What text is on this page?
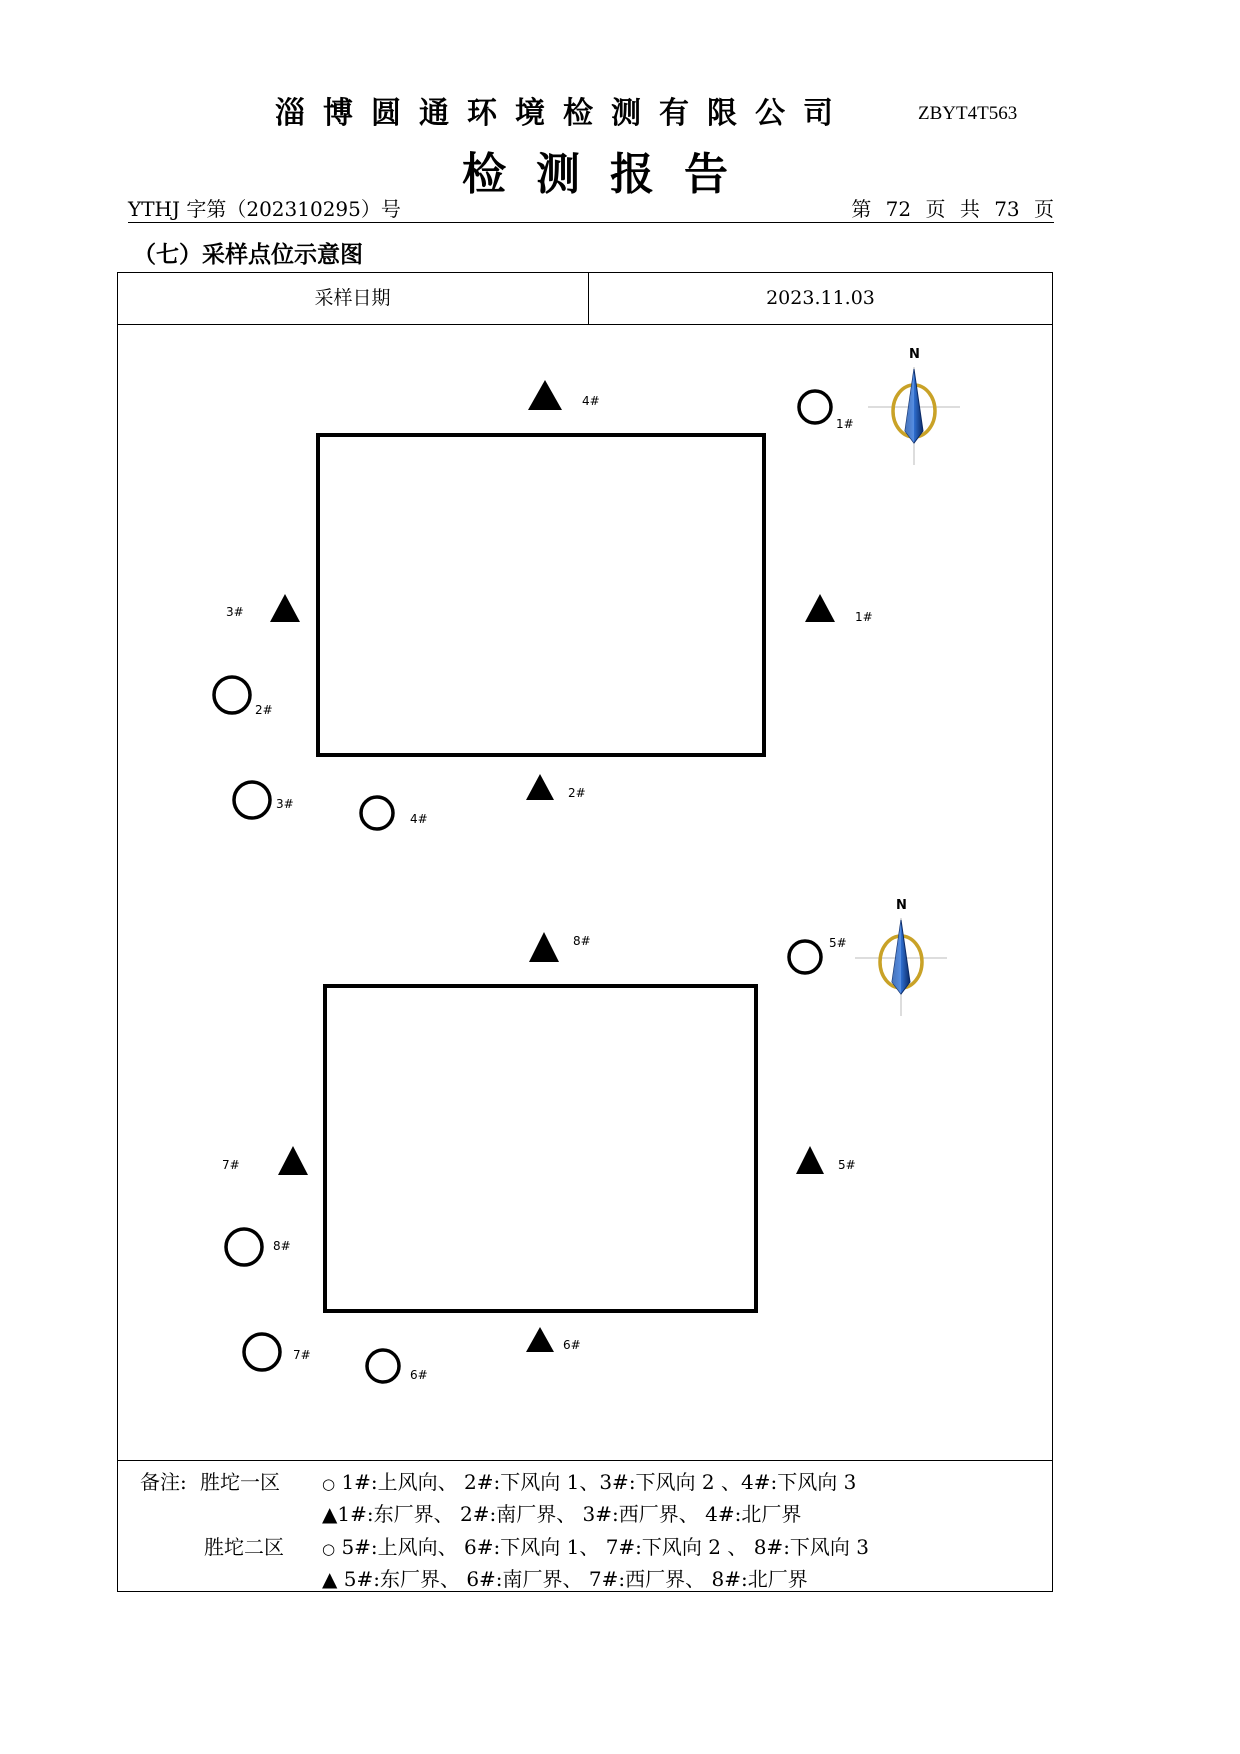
淄博圆通环境检测有限公司	ZBYT4T563
检测报告
YTHJ 字第（202310295）号	第 72 页 共 73 页
（七）采样点位示意图
采样日期	2023.11.03
N
4#
1#
3#
2#
1#
2#
3#
4#
N
8#
5#
7#
6#
5#
8#
7#
6#
备注: 胜坨一区	○ 1#:上风向、 2#:下风向 1、3#:下风向 2 、4#:下风向 3
▲1#:东厂界、 2#:南厂界、 3#:西厂界、 4#:北厂界
胜坨二区	○ 5#:上风向、 6#:下风向 1、 7#:下风向 2 、 8#:下风向 3
▲ 5#:东厂界、 6#:南厂界、 7#:西厂界、 8#:北厂界
